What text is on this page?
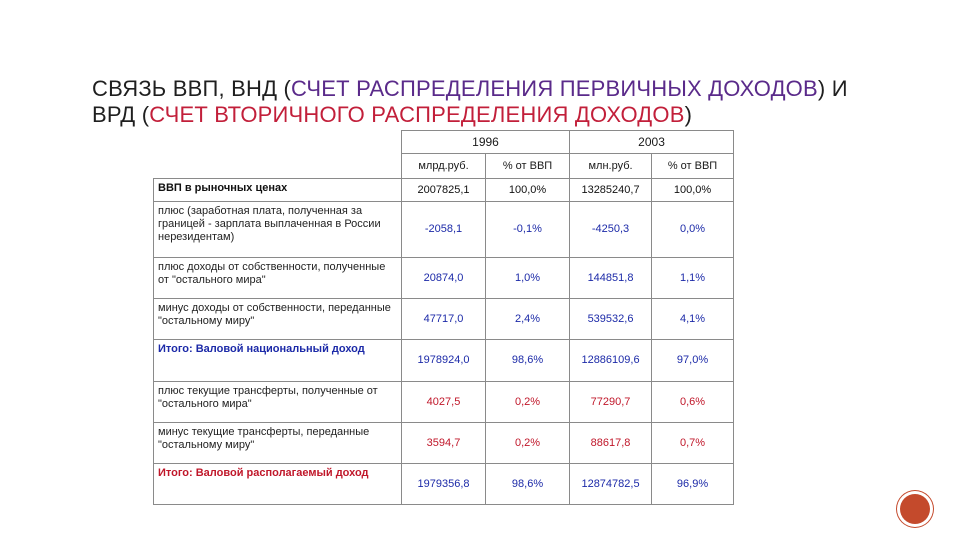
СВЯЗЬ ВВП, ВНД (СЧЕТ РАСПРЕДЕЛЕНИЯ ПЕРВИЧНЫХ ДОХОДОВ) И
ВРД (СЧЕТ ВТОРИЧНОГО РАСПРЕДЕЛЕНИЯ ДОХОДОВ)
	1996		2003	
	млрд.руб.	% от ВВП	млн.руб.	% от ВВП
ВВП в рыночных ценах	2007825,1	100,0%	13285240,7	100,0%
плюс (заработная плата, полученная за границей - зарплата выплаченная в России нерезидентам)	-2058,1	-0,1%	-4250,3	0,0%
плюс доходы от собственности, полученные от "остального мира"	20874,0	1,0%	144851,8	1,1%
минус доходы от собственности, переданные "остальному миру"	47717,0	2,4%	539532,6	4,1%
Итого: Валовой национальный доход	1978924,0	98,6%	12886109,6	97,0%
плюс текущие трансферты, полученные от "остального мира"	4027,5	0,2%	77290,7	0,6%
минус текущие трансферты, переданные "остальному миру"	3594,7	0,2%	88617,8	0,7%
Итого: Валовой располагаемый доход	1979356,8	98,6%	12874782,5	96,9%
